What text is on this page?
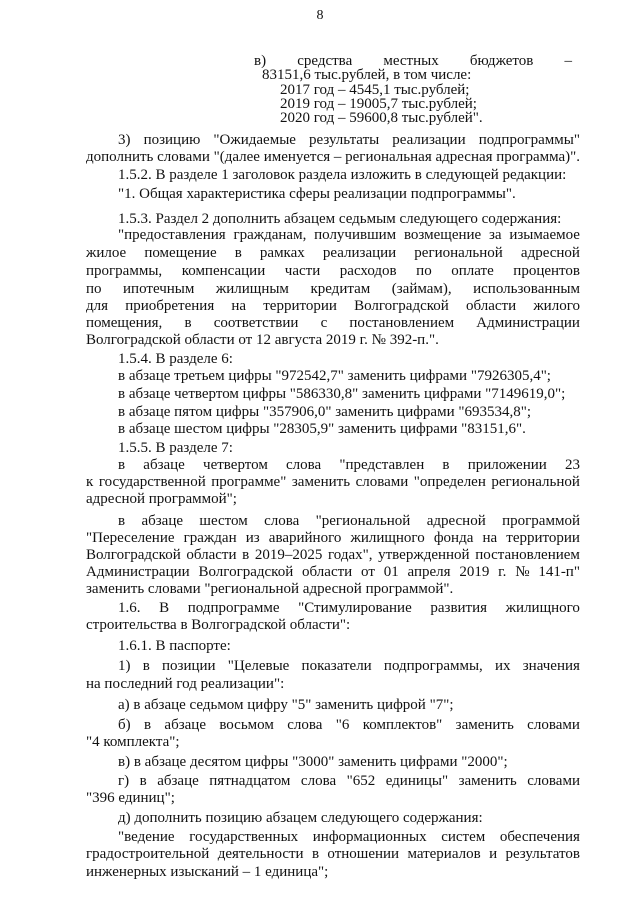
8
в) средства местных бюджетов –
83151,6 тыс.рублей, в том числе:
2017 год – 4545,1 тыс.рублей;
2019 год – 19005,7 тыс.рублей;
2020 год – 59600,8 тыс.рублей".
3) позицию "Ожидаемые результаты реализации подпрограммы"
дополнить словами "(далее именуется – региональная адресная программа)".
1.5.2. В разделе 1 заголовок раздела изложить в следующей редакции:
"1. Общая характеристика сферы реализации подпрограммы".
1.5.3. Раздел 2 дополнить абзацем седьмым следующего содержания:
"предоставления гражданам, получившим возмещение за изымаемое
жилое помещение в рамках реализации региональной адресной
программы, компенсации части расходов по оплате процентов
по ипотечным жилищным кредитам (займам), использованным
для приобретения на территории Волгоградской области жилого
помещения, в соответствии с постановлением Администрации
Волгоградской области от 12 августа 2019 г. № 392-п.".
1.5.4. В разделе 6:
в абзаце третьем цифры "972542,7" заменить цифрами "7926305,4";
в абзаце четвертом цифры "586330,8" заменить цифрами "7149619,0";
в абзаце пятом цифры "357906,0" заменить цифрами "693534,8";
в абзаце шестом цифры "28305,9" заменить цифрами "83151,6".
1.5.5. В разделе 7:
в абзаце четвертом слова "представлен в приложении 23
к государственной программе" заменить словами "определен региональной
адресной программой";
в абзаце шестом слова "региональной адресной программой
"Переселение граждан из аварийного жилищного фонда на территории
Волгоградской области в 2019–2025 годах", утвержденной постановлением
Администрации Волгоградской области от 01 апреля 2019 г. № 141-п"
заменить словами "региональной адресной программой".
1.6. В подпрограмме "Стимулирование развития жилищного
строительства в Волгоградской области":
1.6.1. В паспорте:
1) в позиции "Целевые показатели подпрограммы, их значения
на последний год реализации":
а) в абзаце седьмом цифру "5" заменить цифрой "7";
б) в абзаце восьмом слова "6 комплектов" заменить словами
"4 комплекта";
в) в абзаце десятом цифры "3000" заменить цифрами "2000";
г) в абзаце пятнадцатом слова "652 единицы" заменить словами
"396 единиц";
д) дополнить позицию абзацем следующего содержания:
"ведение государственных информационных систем обеспечения
градостроительной деятельности в отношении материалов и результатов
инженерных изысканий – 1 единица";
